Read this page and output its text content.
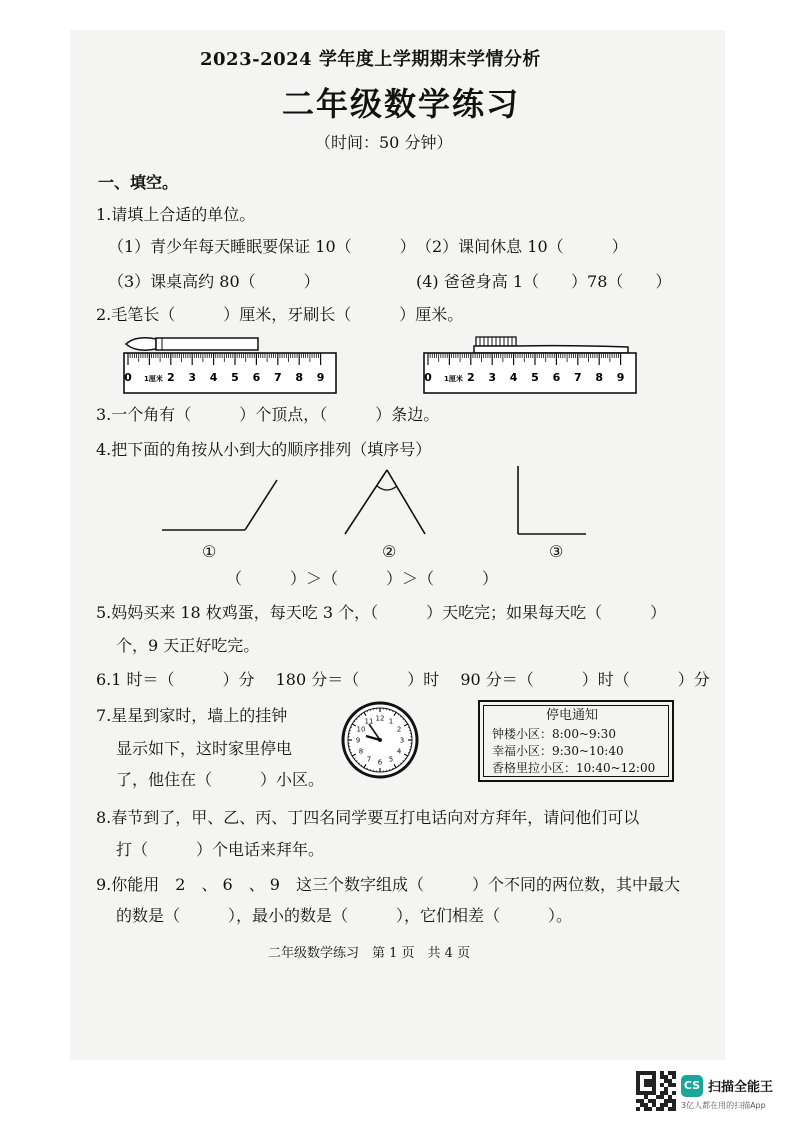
2023-2024 学年度上学期期末学情分析
二年级数学练习
（时间：50 分钟）
一、填空。
1.请填上合适的单位。
（1）青少年每天睡眠要保证 10（　　　） （2）课间休息 10（　　　）
（3）课桌高约 80（　　　）	(4) 爸爸身高 1（　　）78（　　）
2.毛笔长（　　　）厘米，牙刷长（　　　）厘米。
0 1厘米 2 3 4 5 6 7 8 9	0 1厘米 2 3 4 5 6 7 8 9
3.一个角有（　　　）个顶点，（　　　）条边。
4.把下面的角按从小到大的顺序排列（填序号）
①	②	③
（　　　）＞（　　　）＞（　　　）
5.妈妈买来 18 枚鸡蛋，每天吃 3 个，（　　　）天吃完；如果每天吃（　　　）
个，9 天正好吃完。
6.1 时＝（　　　）分　 180 分＝（　　　）时　 90 分＝（　　　）时（　　　）分
7.星星到家时，墙上的挂钟
显示如下，这时家里停电
了，他住在（　　　）小区。
12 1
2
3
4
5
6
7
8
9
10
11	停电通知
钟楼小区：8:00~9:30
幸福小区：9:30~10:40
香格里拉小区：10:40~12:00
8.春节到了，甲、乙、丙、丁四名同学要互打电话向对方拜年，请问他们可以
打（　　　）个电话来拜年。
9.你能用　2　、 6　、 9　这三个数字组成（　　　）个不同的两位数，其中最大
的数是（　　　），最小的数是（　　　），它们相差（　　　）。
二年级数学练习　第 1 页　共 4 页
CS 扫描全能王
3亿人都在用的扫描App
